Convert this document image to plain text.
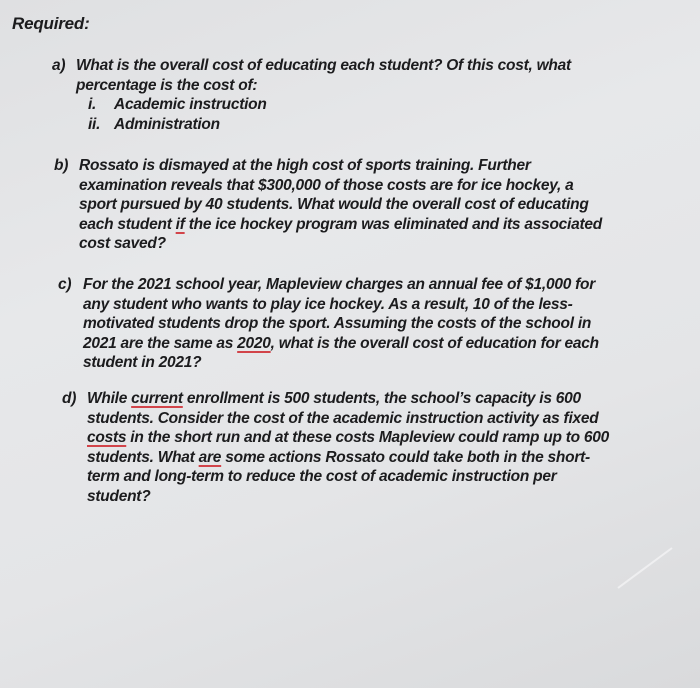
Required:
a) What is the overall cost of educating each student? Of this cost, what
percentage is the cost of:
i. Academic instruction
ii. Administration
b) Rossato is dismayed at the high cost of sports training. Further
examination reveals that $300,000 of those costs are for ice hockey, a
sport pursued by 40 students. What would the overall cost of educating
each student if the ice hockey program was eliminated and its associated
cost saved?
c) For the 2021 school year, Mapleview charges an annual fee of $1,000 for
any student who wants to play ice hockey. As a result, 10 of the less-
motivated students drop the sport. Assuming the costs of the school in
2021 are the same as 2020, what is the overall cost of education for each
student in 2021?
d) While current enrollment is 500 students, the school’s capacity is 600
students. Consider the cost of the academic instruction activity as fixed
costs in the short run and at these costs Mapleview could ramp up to 600
students. What are some actions Rossato could take both in the short-
term and long-term to reduce the cost of academic instruction per
student?
